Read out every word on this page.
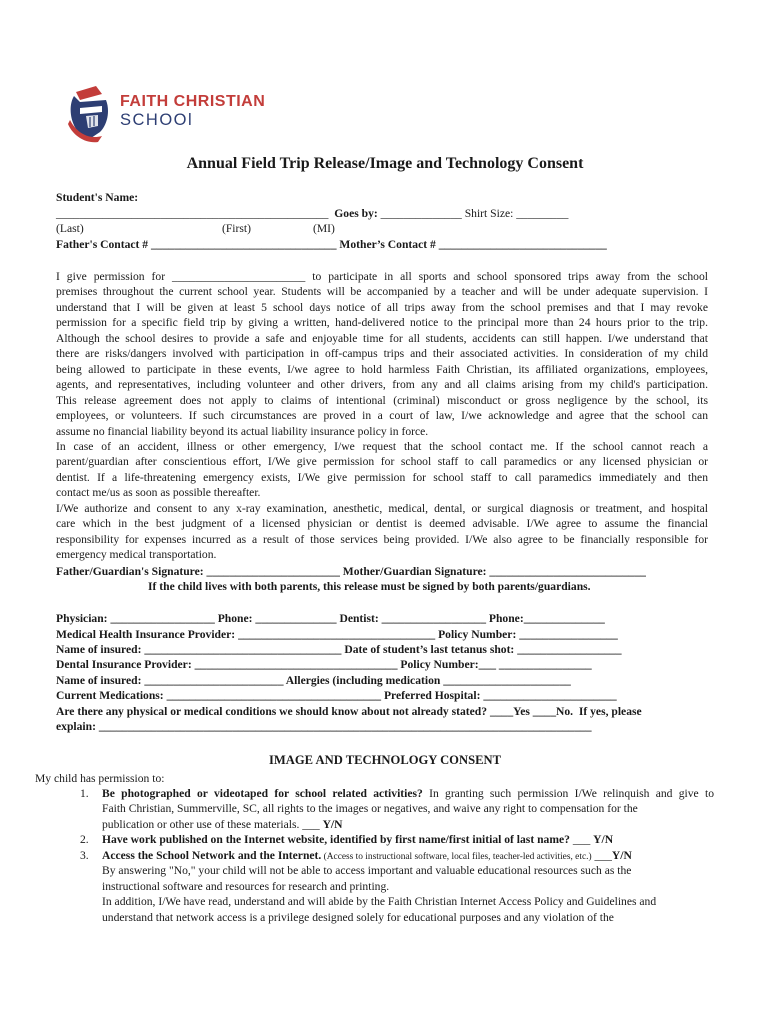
FAITH CHRISTIAN
SCHOOl
Annual Field Trip Release/Image and Technology Consent
Student's Name:
_______________________________________________ Goes by: ______________ Shirt Size: _________
(Last)	(First)	(MI)
Father's Contact # ________________________________ Mother’s Contact # _____________________________
I give permission for _______________________ to participate in all sports and school sponsored trips away from the school
premises throughout the current school year. Students will be accompanied by a teacher and will be under adequate supervision. I
understand that I will be given at least 5 school days notice of all trips away from the school premises and that I may revoke
permission for a specific field trip by giving a written, hand-delivered notice to the principal more than 24 hours prior to the trip.
Although the school desires to provide a safe and enjoyable time for all students, accidents can still happen. I/we understand that
there are risks/dangers involved with participation in off-campus trips and their associated activities. In consideration of my child
being allowed to participate in these events, I/we agree to hold harmless Faith Christian, its affiliated organizations, employees,
agents, and representatives, including volunteer and other drivers, from any and all claims arising from my child's participation.
This release agreement does not apply to claims of intentional (criminal) misconduct or gross negligence by the school, its
employees, or volunteers. If such circumstances are proved in a court of law, I/we acknowledge and agree that the school can
assume no financial liability beyond its actual liability insurance policy in force.
In case of an accident, illness or other emergency, I/we request that the school contact me. If the school cannot reach a
parent/guardian after conscientious effort, I/We give permission for school staff to call paramedics or any licensed physician or
dentist. If a life-threatening emergency exists, I/We give permission for school staff to call paramedics immediately and then
contact me/us as soon as possible thereafter.
I/We authorize and consent to any x-ray examination, anesthetic, medical, dental, or surgical diagnosis or treatment, and hospital
care which in the best judgment of a licensed physician or dentist is deemed advisable. I/We agree to assume the financial
responsibility for expenses incurred as a result of those services being provided. I/We also agree to be financially responsible for
emergency medical transportation.
Father/Guardian's Signature: _______________________ Mother/Guardian Signature: ___________________________
If the child lives with both parents, this release must be signed by both parents/guardians.
Physician: __________________ Phone: ______________ Dentist: __________________ Phone:______________
Medical Health Insurance Provider: __________________________________ Policy Number: _________________
Name of insured: __________________________________ Date of student’s last tetanus shot: __________________
Dental Insurance Provider: ___________________________________ Policy Number:___ ________________
Name of insured: ________________________ Allergies (including medication ______________________
Current Medications: _____________________________________ Preferred Hospital: _______________________
Are there any physical or medical conditions we should know about not already stated? ____Yes ____No. If yes, please
explain: _____________________________________________________________________________________
IMAGE AND TECHNOLOGY CONSENT
My child has permission to:
1.	Be photographed or videotaped for school related activities? In granting such permission I/We relinquish and give to
Faith Christian, Summerville, SC, all rights to the images or negatives, and waive any right to compensation for the
publication or other use of these materials. ___ Y/N
2.	Have work published on the Internet website, identified by first name/first initial of last name? ___ Y/N
3.	Access the School Network and the Internet. (Access to instructional software, local files, teacher-led activities, etc.) ___Y/N
By answering "No," your child will not be able to access important and valuable educational resources such as the
instructional software and resources for research and printing.
In addition, I/We have read, understand and will abide by the Faith Christian Internet Access Policy and Guidelines and
understand that network access is a privilege designed solely for educational purposes and any violation of the
